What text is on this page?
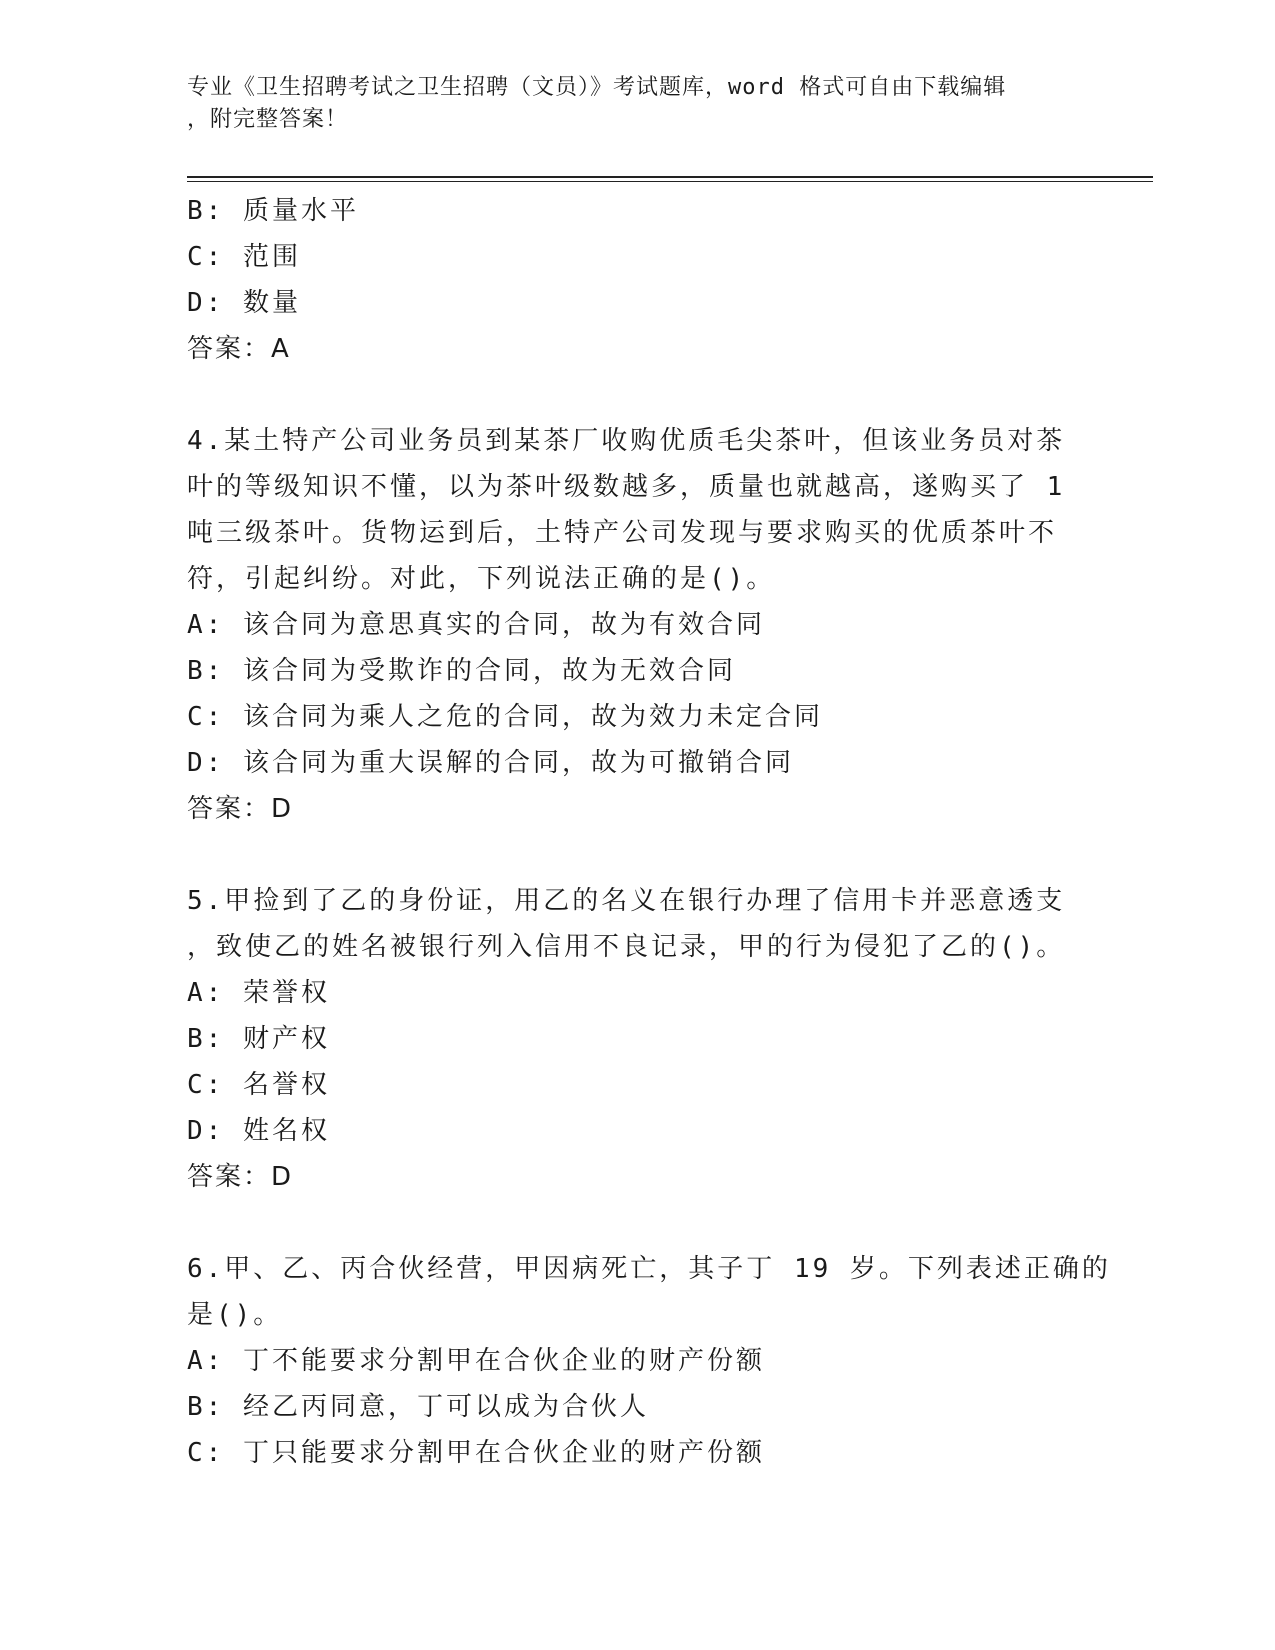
专业《卫生招聘考试之卫生招聘（文员）》考试题库，word 格式可自由下载编辑
，附完整答案！
B: 质量水平
C: 范围
D: 数量
答案：A
4.某土特产公司业务员到某茶厂收购优质毛尖茶叶，但该业务员对茶
叶的等级知识不懂，以为茶叶级数越多，质量也就越高，遂购买了 1
吨三级茶叶。货物运到后，土特产公司发现与要求购买的优质茶叶不
符，引起纠纷。对此，下列说法正确的是()。
A: 该合同为意思真实的合同，故为有效合同
B: 该合同为受欺诈的合同，故为无效合同
C: 该合同为乘人之危的合同，故为效力未定合同
D: 该合同为重大误解的合同，故为可撤销合同
答案：D
5.甲捡到了乙的身份证，用乙的名义在银行办理了信用卡并恶意透支
，致使乙的姓名被银行列入信用不良记录，甲的行为侵犯了乙的()。
A: 荣誉权
B: 财产权
C: 名誉权
D: 姓名权
答案：D
6.甲、乙、丙合伙经营，甲因病死亡，其子丁 19 岁。下列表述正确的
是()。
A: 丁不能要求分割甲在合伙企业的财产份额
B: 经乙丙同意，丁可以成为合伙人
C: 丁只能要求分割甲在合伙企业的财产份额
